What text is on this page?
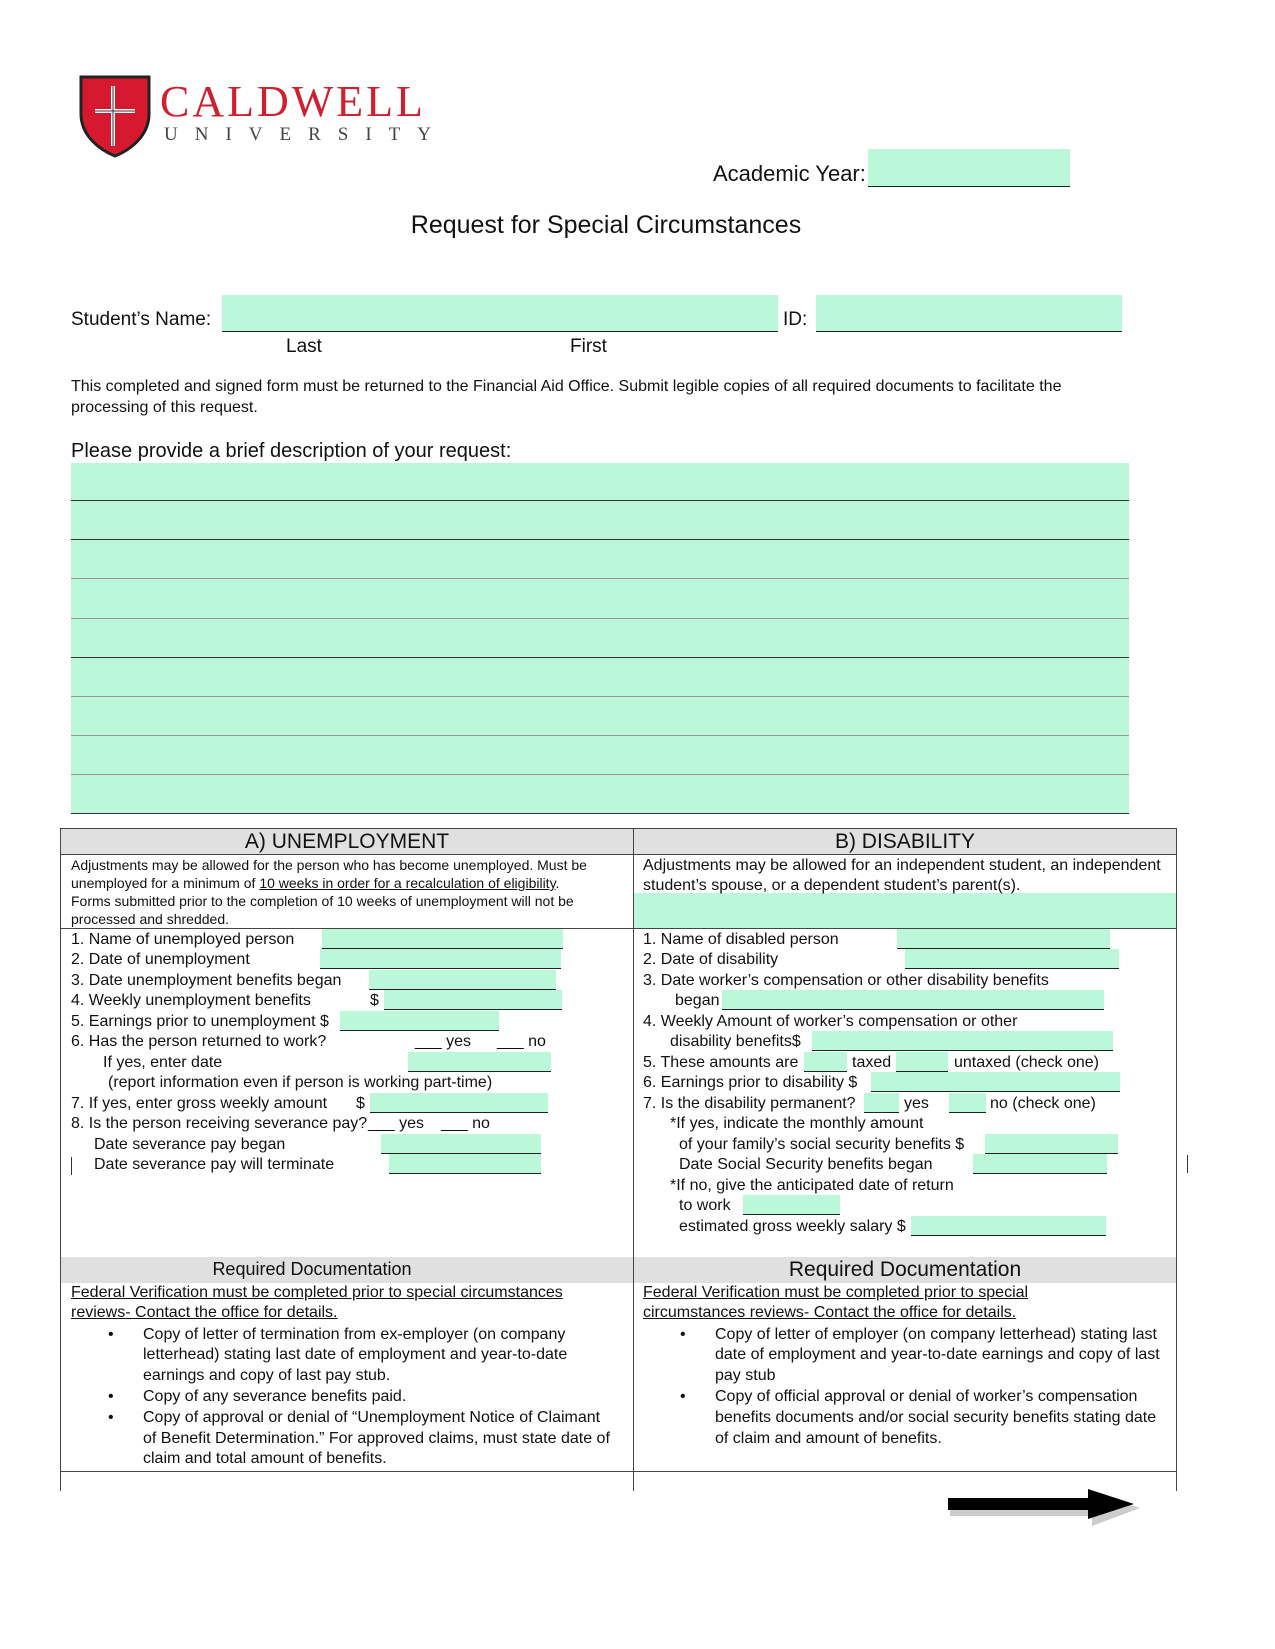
CALDWELL
UNIVERSITY
Academic Year:
Request for Special Circumstances
Student’s Name:	ID:
Last	First
This completed and signed form must be returned to the Financial Aid Office. Submit legible copies of all required documents to facilitate the
processing of this request.
Please provide a brief description of your request:
A) UNEMPLOYMENT	B) DISABILITY
Adjustments may be allowed for the person who has become unemployed. Must be
unemployed for a minimum of 10 weeks in order for a recalculation of eligibility.
Forms submitted prior to the completion of 10 weeks of unemployment will not be
processed and shredded.
1. Name of unemployed person
2. Date of unemployment
3. Date unemployment benefits began
4. Weekly unemployment benefits	$
5. Earnings prior to unemployment $
6. Has the person returned to work?	___ yes ___ no
If yes, enter date
(report information even if person is working part-time)
7. If yes, enter gross weekly amount $
8. Is the person receiving severance pay? ___ yes ___ no
Date severance pay began
Date severance pay will terminate
Adjustments may be allowed for an independent student, an independent
student’s spouse, or a dependent student’s parent(s).
1. Name of disabled person
2. Date of disability
3. Date worker’s compensation or other disability benefits
began
4. Weekly Amount of worker’s compensation or other
disability benefits$
5. These amounts are	taxed	untaxed (check one)
6. Earnings prior to disability $
7. Is the disability permanent?	yes	no (check one)
*If yes, indicate the monthly amount
of your family’s social security benefits $
Date Social Security benefits began
*If no, give the anticipated date of return
to work
estimated gross weekly salary $
Required Documentation	Required Documentation
Federal Verification must be completed prior to special circumstances
reviews- Contact the office for details.
Federal Verification must be completed prior to special
circumstances reviews- Contact the office for details.
• Copy of letter of termination from ex-employer (on company
letterhead) stating last date of employment and year-to-date
earnings and copy of last pay stub.
• Copy of any severance benefits paid.
• Copy of approval or denial of “Unemployment Notice of Claimant
of Benefit Determination.” For approved claims, must state date of
claim and total amount of benefits.
• Copy of letter of employer (on company letterhead) stating last
date of employment and year-to-date earnings and copy of last
pay stub
• Copy of official approval or denial of worker’s compensation
benefits documents and/or social security benefits stating date
of claim and amount of benefits.
